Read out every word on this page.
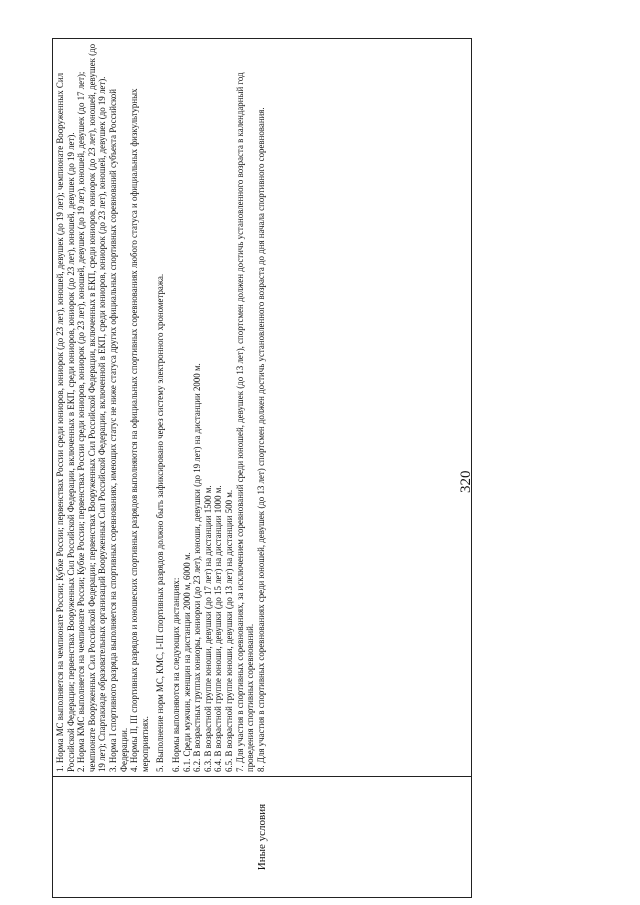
Иные условия	

1. Норма МС выполняется на чемпионате России; Кубке России; первенствах России среди юниоров, юниорок (до 23 лет), юношей, девушек (до 19 лет); чемпионате Вооруженных Сил Российской Федерации; первенствах Вооруженных Сил Российской Федерации, включенных в ЕКП, среди юниоров, юниорок (до 23 лет), юношей, девушек (до 19 лет). 2. Норма КМС выполняется на чемпионате России; Кубке России; первенствах России среди юниоров, юниорок (до 23 лет), юношей, девушек (до 19 лет), юношей, девушек (до 17 лет); чемпионате Вооруженных Сил Российской Федерации; первенствах Вооруженных Сил Российской Федерации, включенных в ЕКП, среди юниоров, юниорок (до 23 лет), юношей, девушек (до 19 лет); Спартакиаде образовательных организаций Вооруженных Сил Российской Федерации, включенной в ЕКП, среди юниоров, юниорок (до 23 лет), юношей, девушек (до 19 лет). 3. Норма I спортивного разряда выполняется на спортивных соревнованиях, имеющих статус не ниже статуса других официальных спортивных соревнований субъекта Российской Федерации. 4. Нормы II, III спортивных разрядов и юношеских спортивных разрядов выполняются на официальных спортивных соревнованиях любого статуса и официальных физкультурных мероприятиях. 5. Выполнение норм МС, КМС, I-III спортивных разрядов должно быть зафиксировано через систему электронного хронометража. 6. Нормы выполняются на следующих дистанциях: 6.1. Среди мужчин, женщин на дистанции 2000 м, 6000 м. 6.2. В возрастных группах юниоры, юниорки (до 23 лет), юноши, девушки (до 19 лет) на дистанции 2000 м. 6.3. В возрастной группе юноши, девушки (до 17 лет) на дистанции 1500 м. 6.4. В возрастной группе юноши, девушки (до 15 лет) на дистанции 1000 м. 6.5. В возрастной группе юноши, девушки (до 13 лет) на дистанции 500 м. 7. Для участия в спортивных соревнованиях, за исключением соревнований среди юношей, девушек (до 13 лет), спортсмен должен достичь установленного возраста в календарный год проведения спортивных соревнований. 8. Для участия в спортивных соревнованиях среди юношей, девушек (до 13 лет) спортсмен должен достичь установленного возраста до дня начала спортивного соревнования.	320
